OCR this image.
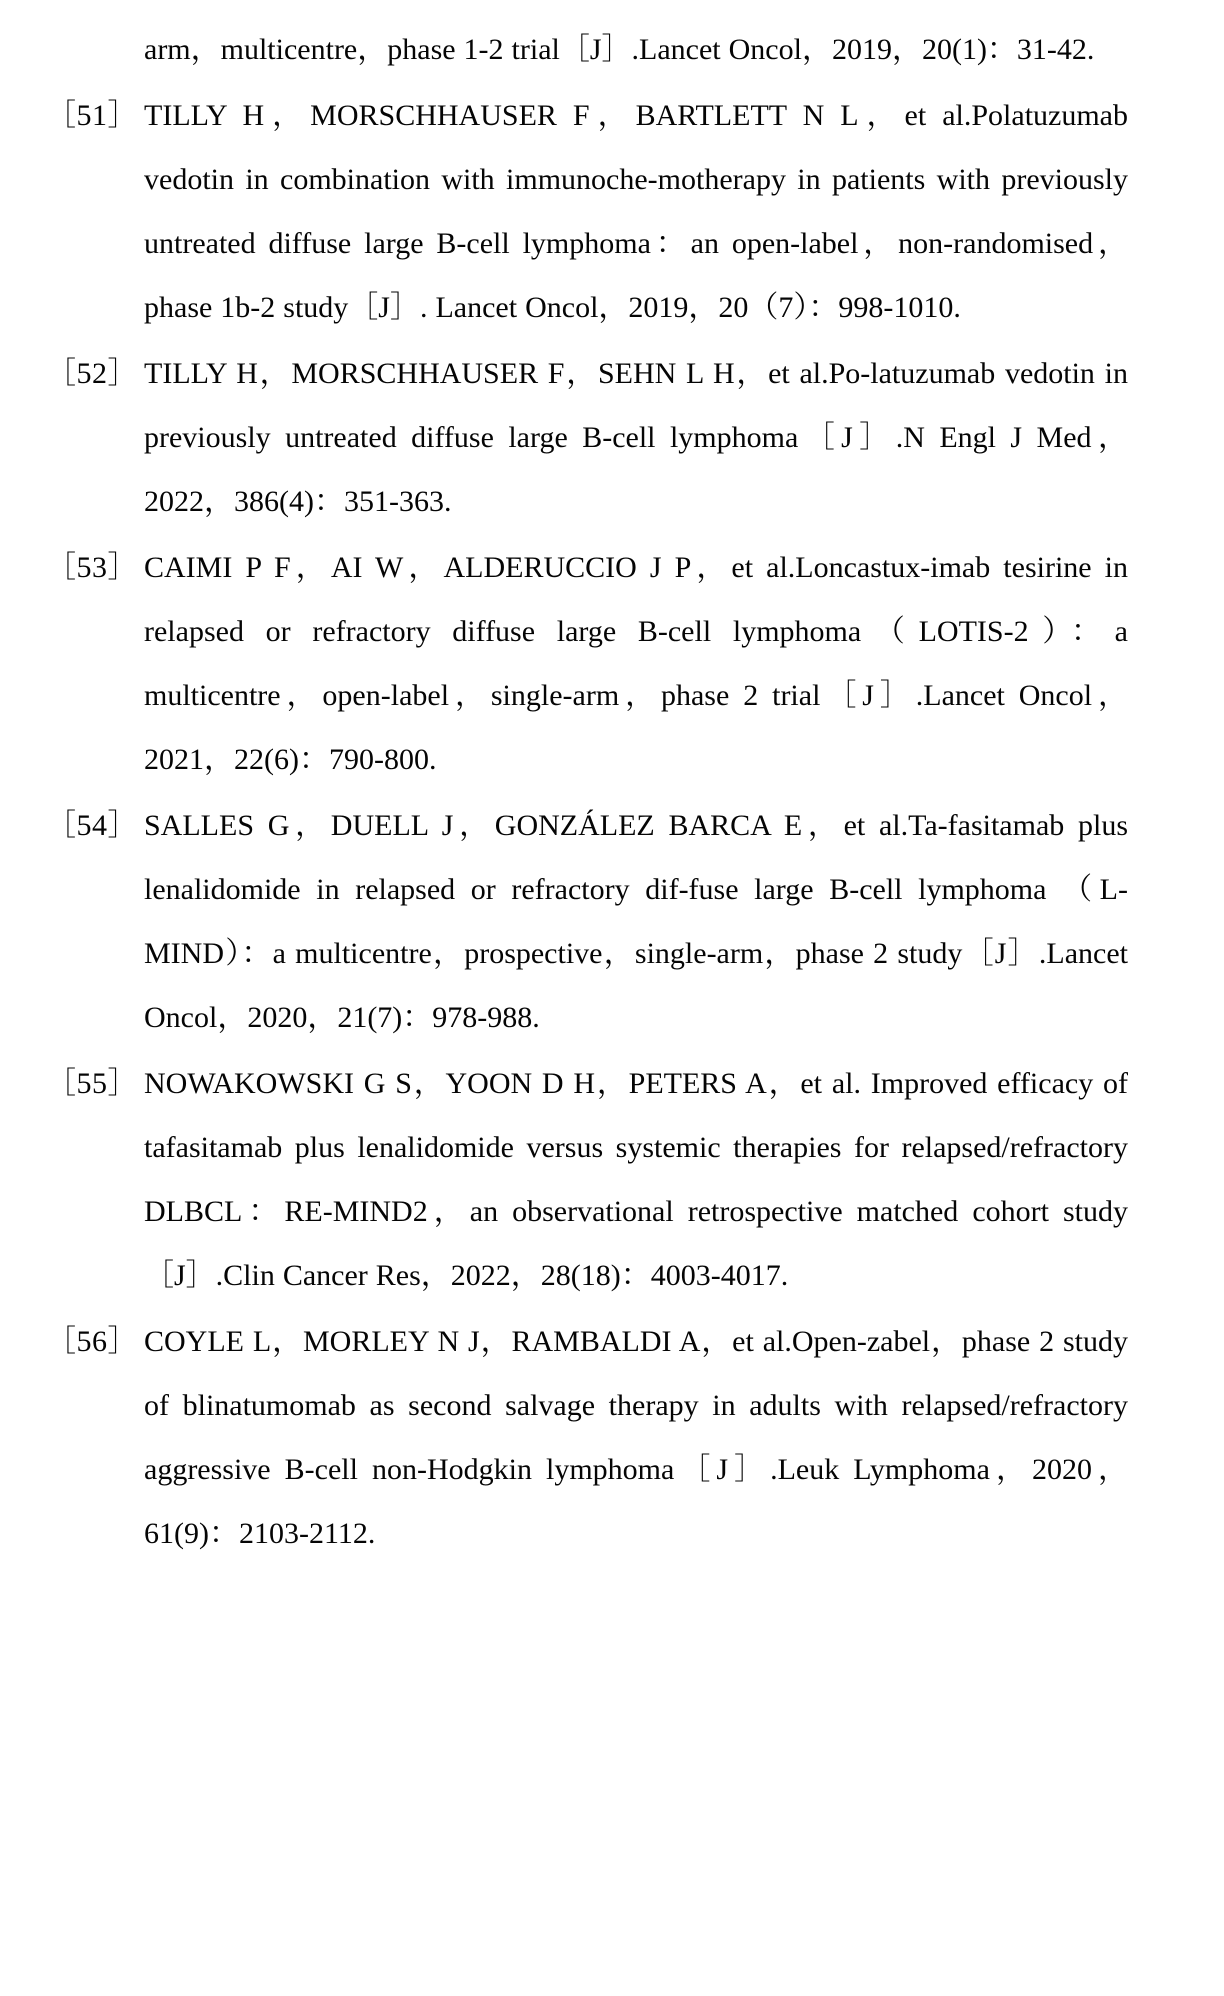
arm，multicentre，phase 1-2 trial［J］.Lancet Oncol，2019，20(1)：31-42.
［51］ TILLY H，MORSCHHAUSER F，BARTLETT N L，et al.Polatuzumab vedotin in combination with immunoche-motherapy in patients with previously untreated diffuse large B-cell lymphoma：an open-label，non-randomised，phase 1b-2 study［J］. Lancet Oncol，2019，20（7）：998-1010.
［52］ TILLY H，MORSCHHAUSER F，SEHN L H，et al.Po-latuzumab vedotin in previously untreated diffuse large B-cell lymphoma［J］.N Engl J Med，2022，386(4)：351-363.
［53］ CAIMI P F，AI W，ALDERUCCIO J P，et al.Loncastux-imab tesirine in relapsed or refractory diffuse large B-cell lymphoma（LOTIS-2）：a multicentre，open-label，single-arm，phase 2 trial［J］.Lancet Oncol，2021，22(6)：790-800.
［54］ SALLES G，DUELL J，GONZÁLEZ BARCA E，et al.Ta-fasitamab plus lenalidomide in relapsed or refractory dif-fuse large B-cell lymphoma （L-MIND）：a multicentre，prospective，single-arm，phase 2 study［J］.Lancet Oncol，2020，21(7)：978-988.
［55］ NOWAKOWSKI G S，YOON D H，PETERS A，et al. Improved efficacy of tafasitamab plus lenalidomide versus systemic therapies for relapsed/refractory DLBCL：RE-MIND2，an observational retrospective matched cohort study［J］.Clin Cancer Res，2022，28(18)：4003-4017.
［56］ COYLE L，MORLEY N J，RAMBALDI A，et al.Open-zabel，phase 2 study of blinatumomab as second salvage therapy in adults with relapsed/refractory aggressive B-cell non-Hodgkin lymphoma［J］.Leuk Lymphoma，2020，61(9)：2103-2112.
